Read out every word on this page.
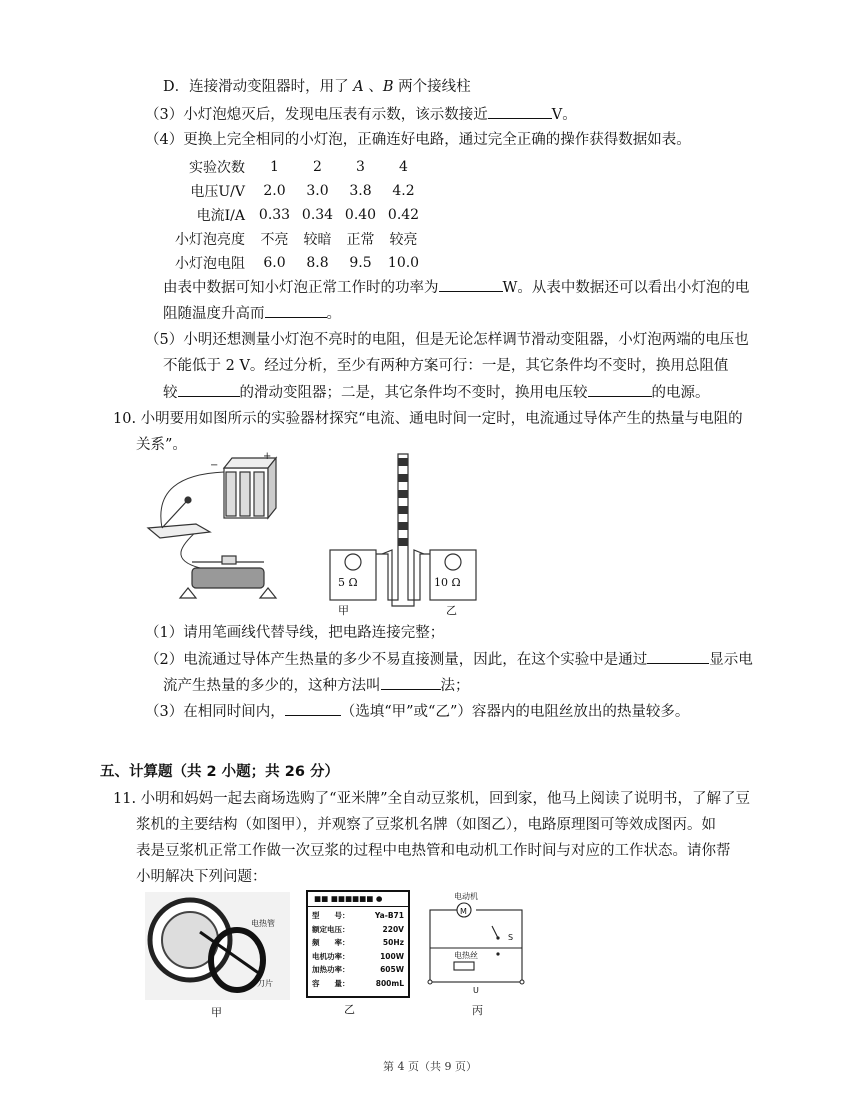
D．连接滑动变阻器时，用了 A 、B 两个接线柱
（3）小灯泡熄灭后，发现电压表有示数，该示数接近	V。
（4）更换上完全相同的小灯泡，正确连好电路，通过完全正确的操作获得数据如表。
实验次数	1	2	3	4
电压U/V	2.0	3.0	3.8	4.2
电流I/A	0.33	0.34	0.40	0.42
小灯泡亮度	不亮	较暗	正常	较亮
小灯泡电阻	6.0	8.8	9.5	10.0
由表中数据可知小灯泡正常工作时的功率为	W。从表中数据还可以看出小灯泡的电
阻随温度升高而	。
（5）小明还想测量小灯泡不亮时的电阻，但是无论怎样调节滑动变阻器，小灯泡两端的电压也
不能低于 2 V。经过分析，至少有两种方案可行：一是，其它条件均不变时，换用总阻值
较	的滑动变阻器；二是，其它条件均不变时，换用电压较	的电源。
10. 小明要用如图所示的实验器材探究“电流、通电时间一定时，电流通过导体产生的热量与电阻的
关系”。
+
−
5 Ω	10 Ω
甲	乙
（1）请用笔画线代替导线，把电路连接完整；
（2）电流通过导体产生热量的多少不易直接测量，因此，在这个实验中是通过	显示电
流产生热量的多少的，这种方法叫	法；
（3）在相同时间内，	（选填“甲”或“乙”）容器内的电阻丝放出的热量较多。
五、计算题（共 2 小题；共 26 分）
11. 小明和妈妈一起去商场选购了“亚米牌”全自动豆浆机，回到家，他马上阅读了说明书，了解了豆
浆机的主要结构（如图甲），并观察了豆浆机名牌（如图乙），电路原理图可等效成图丙。如
表是豆浆机正常工作做一次豆浆的过程中电热管和电动机工作时间与对应的工作状态。请你帮
小明解决下列问题：
电热管
刀片
甲
■■ ■■■■■■ ●
型　　号：	Ya-B71
额定电压：	220V
频　　率：	50Hz
电机功率：	100W
加热功率：	605W
容　　量：	800mL
乙
M
电动机
电热丝
S
U
丙
第 4 页（共 9 页）
